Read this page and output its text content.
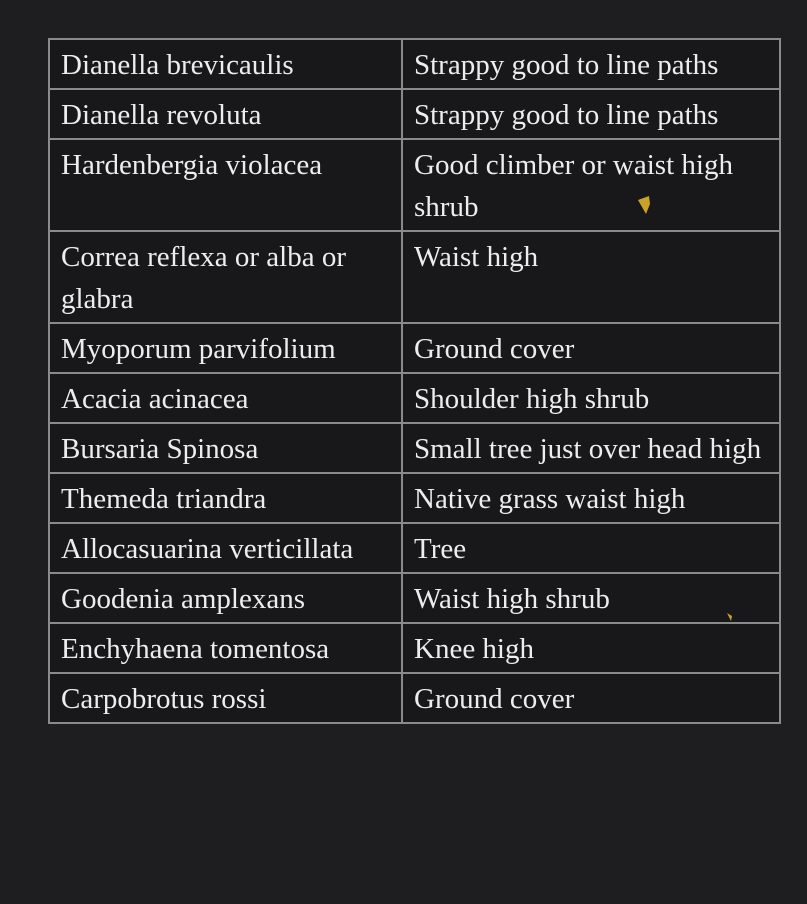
Dianella brevicaulis	Strappy good to line paths
Dianella revoluta	Strappy good to line paths
Hardenbergia violacea	Good climber or waist high shrub
Correa reflexa or alba or glabra	Waist high
Myoporum parvifolium	Ground cover
Acacia acinacea	Shoulder high shrub
Bursaria Spinosa	Small tree just over head high
Themeda triandra	Native grass waist high
Allocasuarina verticillata	Tree
Goodenia amplexans	Waist high shrub
Enchyhaena tomentosa	Knee high
Carpobrotus rossi	Ground cover
